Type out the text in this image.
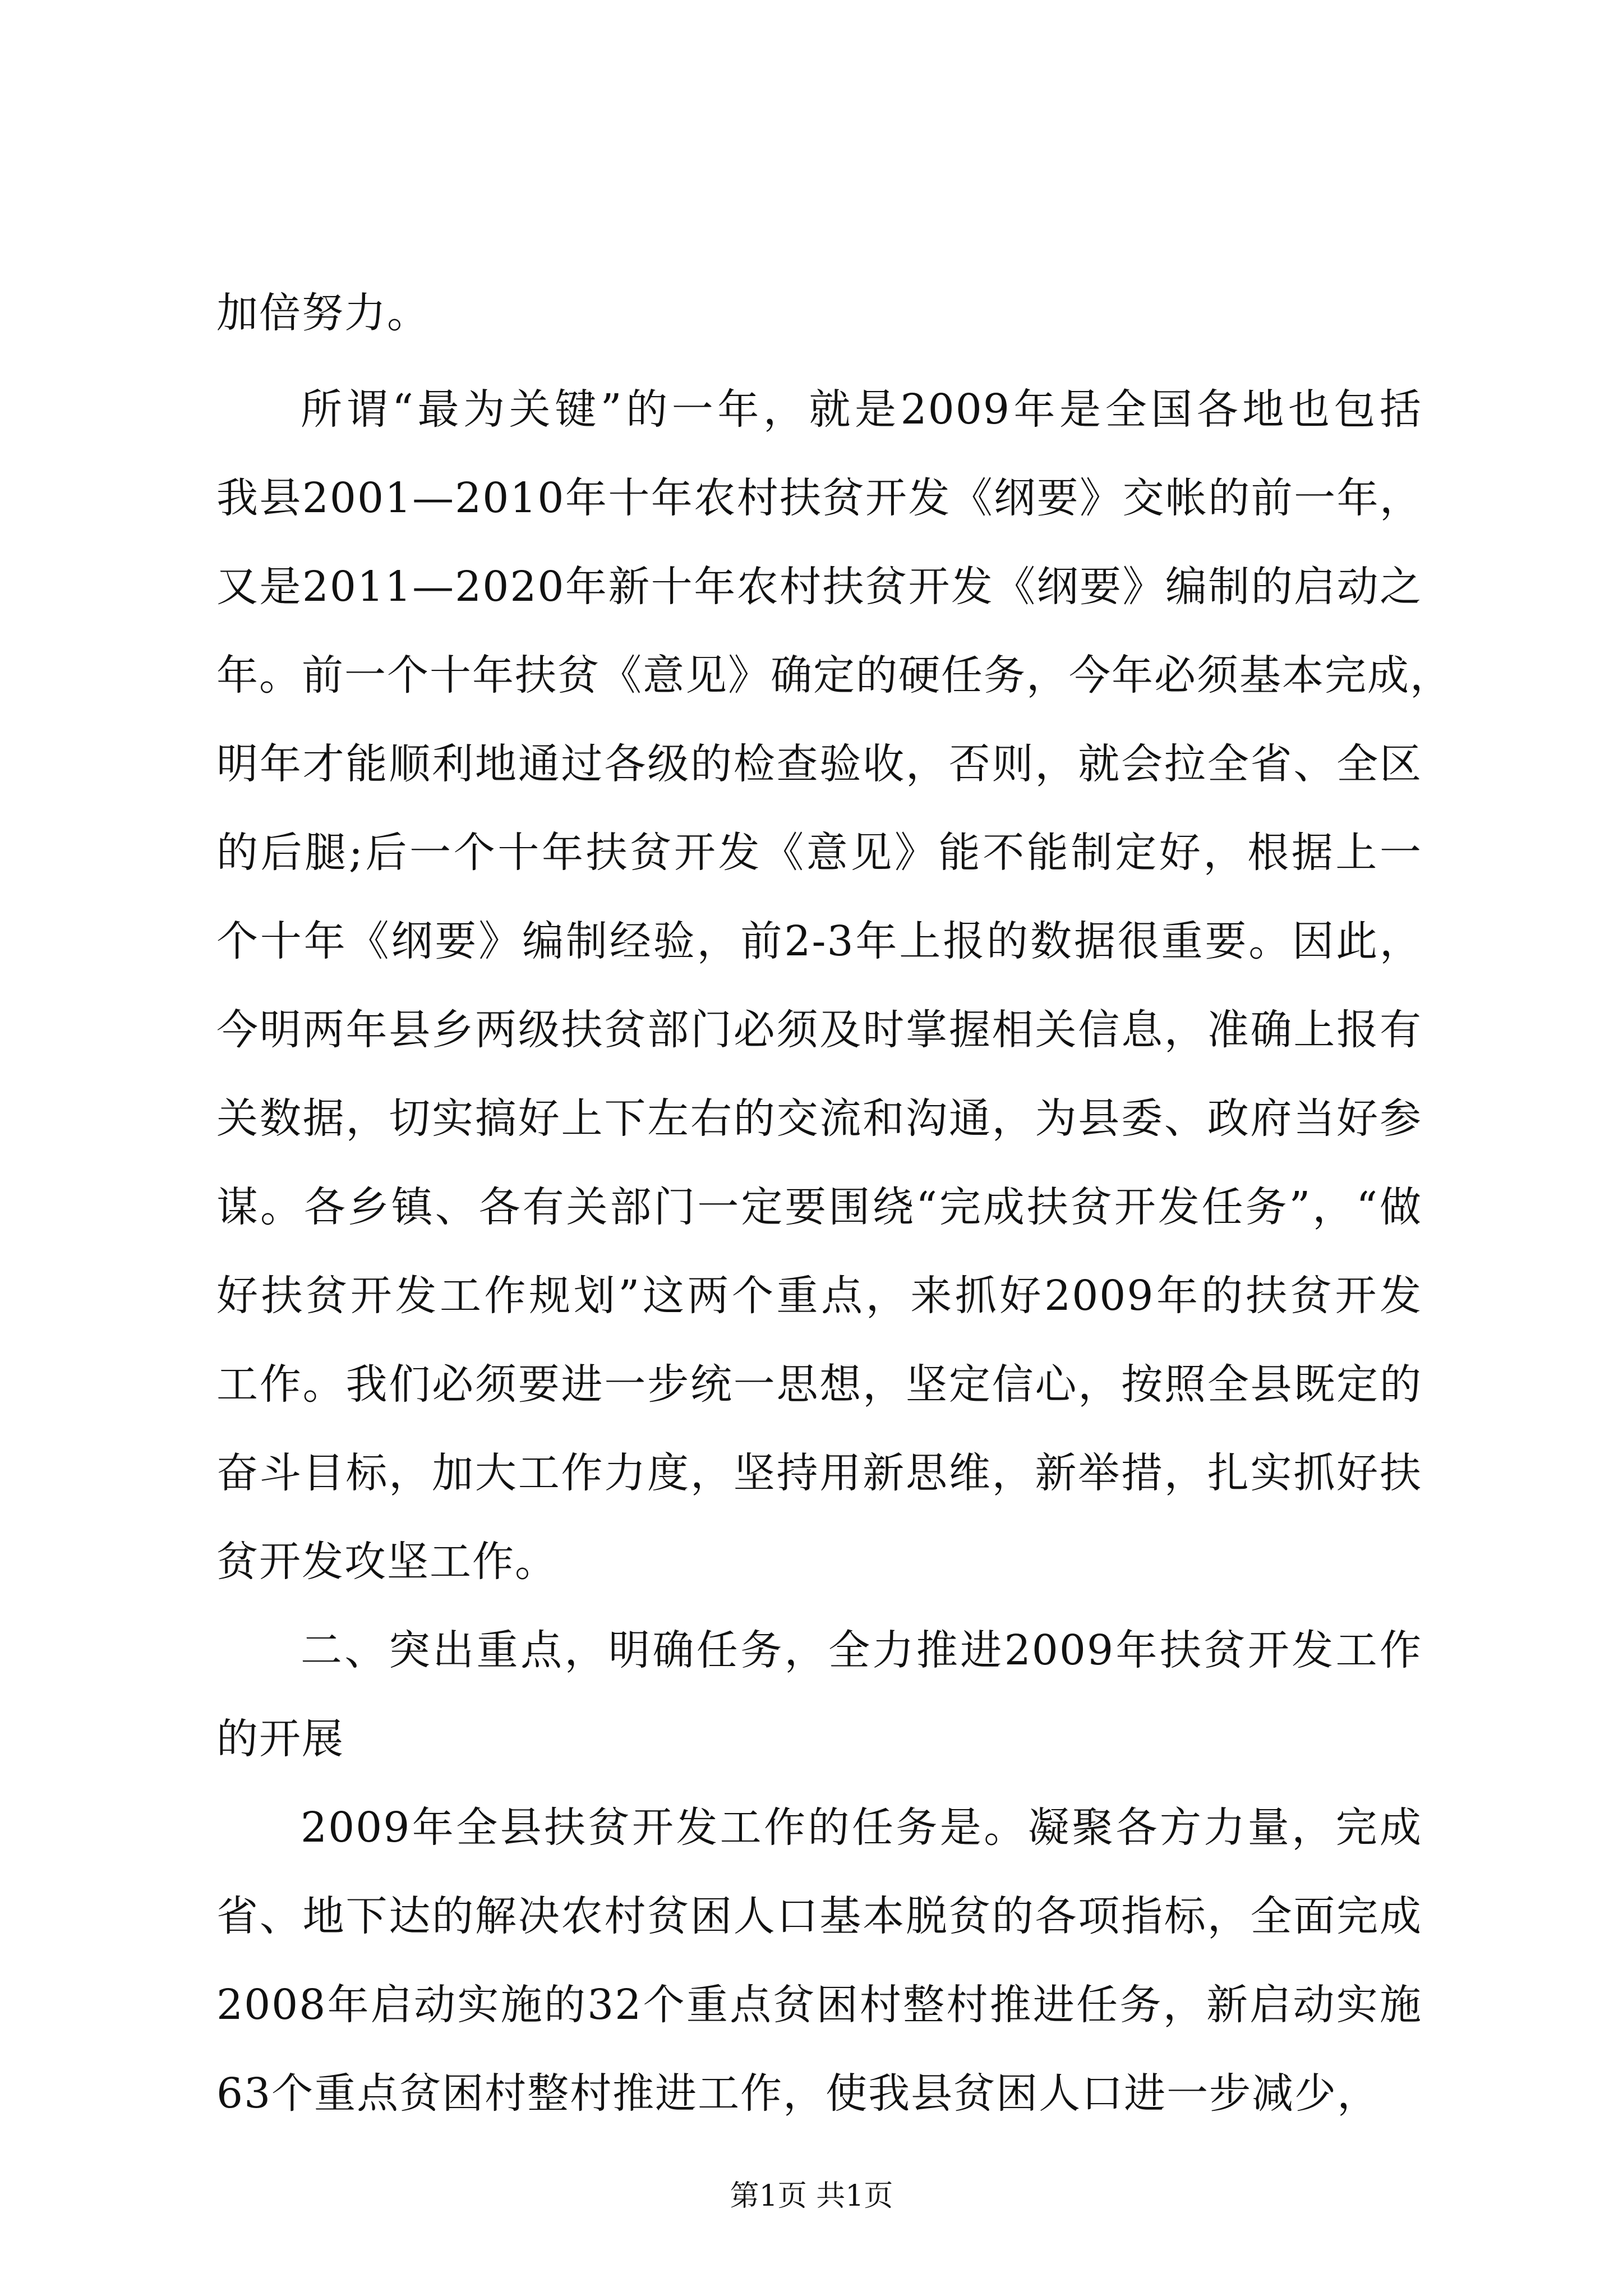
加倍努力。
所谓“最为关键”的一年，就是2009年是全国各地也包括
我县2001—2010年十年农村扶贫开发《纲要》交帐的前一年，
又是2011—2020年新十年农村扶贫开发《纲要》编制的启动之
年。前一个十年扶贫《意见》确定的硬任务，今年必须基本完成，
明年才能顺利地通过各级的检查验收，否则，就会拉全省、全区
的后腿;后一个十年扶贫开发《意见》能不能制定好，根据上一
个十年《纲要》编制经验，前2-3年上报的数据很重要。因此，
今明两年县乡两级扶贫部门必须及时掌握相关信息，准确上报有
关数据，切实搞好上下左右的交流和沟通，为县委、政府当好参
谋。各乡镇、各有关部门一定要围绕“完成扶贫开发任务”，“做
好扶贫开发工作规划”这两个重点，来抓好2009年的扶贫开发
工作。我们必须要进一步统一思想，坚定信心，按照全县既定的
奋斗目标，加大工作力度，坚持用新思维，新举措，扎实抓好扶
贫开发攻坚工作。
二、突出重点，明确任务，全力推进2009年扶贫开发工作
的开展
2009年全县扶贫开发工作的任务是。凝聚各方力量，完成
省、地下达的解决农村贫困人口基本脱贫的各项指标，全面完成
2008年启动实施的32个重点贫困村整村推进任务，新启动实施
第1页 共1页
63个重点贫困村整村推进工作，使我县贫困人口进一步减少，
